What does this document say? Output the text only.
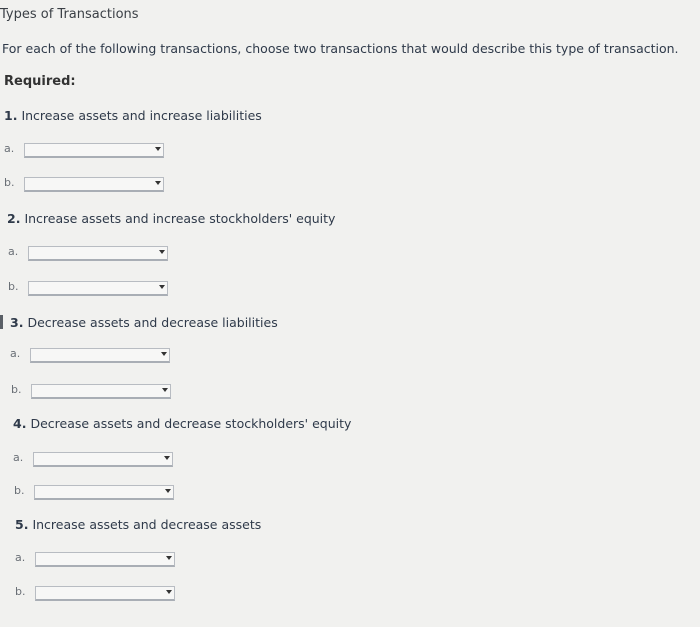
Types of Transactions
For each of the following transactions, choose two transactions that would describe this type of transaction.
Required:
1. Increase assets and increase liabilities
a.
b.
2. Increase assets and increase stockholders' equity
a.
b.
3. Decrease assets and decrease liabilities
a.
b.
4. Decrease assets and decrease stockholders' equity
a.
b.
5. Increase assets and decrease assets
a.
b.
